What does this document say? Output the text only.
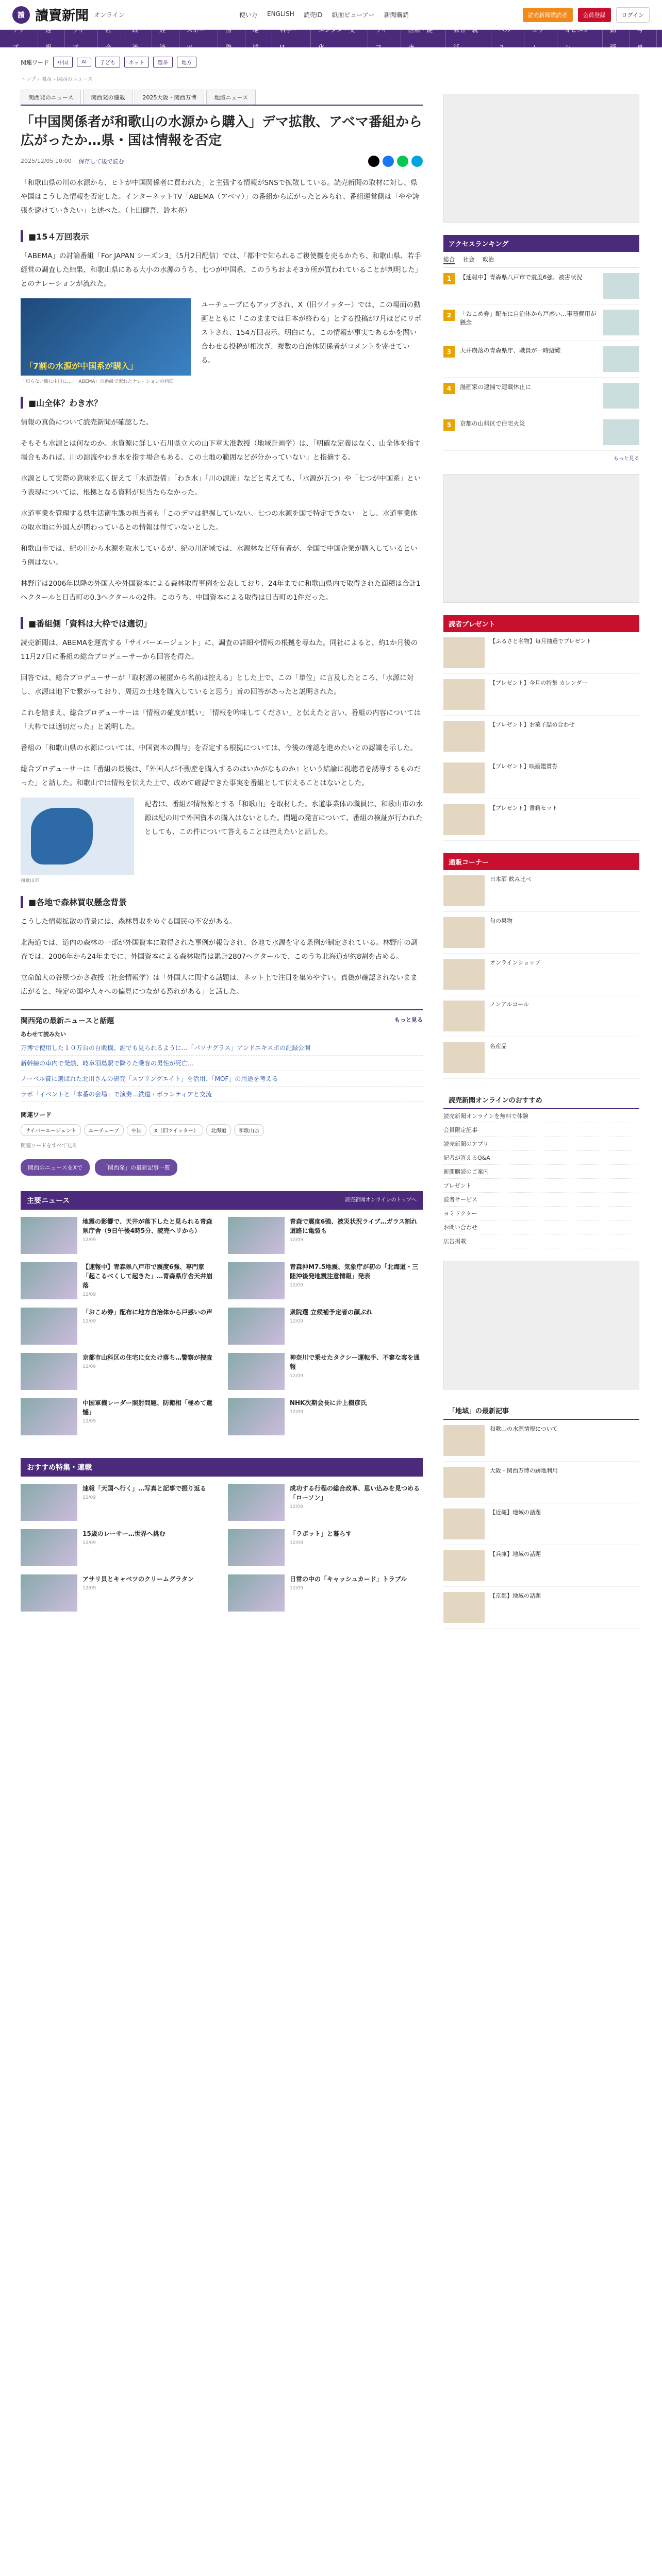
讀 讀賣新聞 オンライン	使い方 ENGLISH 読売ID 紙面ビューアー 新聞購読	読売新聞購読者	会員登録	ログイン
トップ
速報
ライブ
社会
政治
経済
スポーツ
国際
地域
科学・IT
エンタメ・文化
ライフ
医療・健康
教育・就活
ヘルス
コラム
オピニオン
動画
写真
関連ワード	中国	AI	子ども	ネット	選挙	地方
トップ › 関西 › 関西のニュース
関西発のニュース	関西発の連載	2025大阪・関西万博	地域ニュース
「中国関係者が和歌山の水源から購入」デマ拡散、アベマ番組から広がったか…県・国は情報を否定
2025/12/05 10:00 保存して後で読む

「和歌山県の川の水源から、ヒトが中国関係者に買われた」と主張する情報がSNSで拡散している。読売新聞の取材に対し、県や国はこうした情報を否定した。インターネットTV「ABEMA（アベマ）」の番組から広がったとみられ、番組運営側は「やや誇張を避けていきたい」と述べた。（上田健吾、鈴木亮）

■15４万回表示

「ABEMA」の討論番組「For JAPAN シーズン3」（5月2日配信）では、「都中で知られるご複使機を売るかたち、和歌山県、若手経営の調査した結果、和歌山県にある大小の水源のうち、七つが中国系、このうちおよそ3カ所が買われていることが判明した」とのナレーションが流れた。

「7割の水源が中国系が購入」
「知らない間に中国に…」「ABEMA」の番組で流れたナレーションの画面

ユーチューブにもアップされ、X（旧ツイッター）では、この場面の動画とともに「このままでは日本が終わる」とする投稿が7月ほどにリポストされ、154万回表示。明白にも、この情報が事実であるかを問い合わせる投稿が相次ぎ、複数の自治体関係者がコメントを寄せている。

■山全体？わき水？

情報の真偽について読売新聞が確認した。

そもそも水源とは何なのか。水資源に詳しい石川県立大の山下章太准教授（地域計画学）は、「明確な定義はなく、山全体を指す場合もあれば、川の源流やわき水を指す場合もある。この土地の範囲などが分かっていない」と指摘する。

水源として実際の意味を広く捉えて「水道設備」「わき水」「川の源流」などと考えても、「水源が五つ」や「七つが中国系」という表現については、根拠となる資料が見当たらなかった。

水道事業を管理する県生活衛生課の担当者も「このデマは把握していない。七つの水源を国で特定できない」とし、水道事業体の取水地に外国人が関わっているとの情報は得ていないとした。

和歌山市では、紀の川から水源を取水しているが、紀の川流域では、水源林など所有者が、全国で中国企業が購入しているという例はない。

林野庁は2006年以降の外国人や外国資本による森林取得事例を公表しており、24年までに和歌山県内で取得された面積は合計1ヘクタールと日吉町の0.3ヘクタールの2件。このうち、中国資本による取得は日吉町の1件だった。

■番組側「資料は大枠では適切」

読売新聞は、ABEMAを運営する「サイバーエージェント」に、調査の詳細や情報の根拠を尋ねた。同社によると、約1か月後の11月27日に番組の総合プロデューサーから回答を得た。

回答では、総合プロデューサーが「取材源の秘匿から名前は控える」とした上で、この「単位」に言及したところ、「水源に対し、水源は地下で繋がっており、周辺の土地を購入していると思う」旨の回答があったと説明された。

これを踏まえ、総合プロデューサーは「情報の確度が低い」「情報を吟味してください」と伝えたと言い、番組の内容については「大枠では適切だった」と説明した。

番組の「和歌山県の水源については、中国資本の関与」を否定する根拠については、今後の確認を進めたいとの認識を示した。

総合プロデューサーは「番組の最後は、『外国人が不動産を購入するのはいかがなものか』という結論に視聴者を誘導するものだった」と話した。和歌山では情報を伝えた上で、改めて確認できた事実を番組として伝えることはないとした。

和歌山市

記者は、番組が情報源とする「和歌山」を取材した。水道事業体の職員は、和歌山市の水源は紀の川で外国資本の購入はないとした。問題の発言について、番組の検証が行われたとしても、この件について答えることは控えたいと話した。

■各地で森林買収懸念背景

こうした情報拡散の背景には、森林買収をめぐる国民の不安がある。

北海道では、道内の森林の一部が外国資本に取得された事例が報告され、各地で水源を守る条例が制定されている。林野庁の調査では、2006年から24年までに、外国資本による森林取得は累計2807ヘクタールで、このうち北海道が約8割を占める。

立命館大の谷原つかさ教授（社会情報学）は「外国人に関する話題は、ネット上で注目を集めやすい。真偽が確認されないまま広がると、特定の国や人々への偏見につながる恐れがある」と話した。

関西発の最新ニュースと話題	もっと見る
あわせて読みたい
万博で使用した１０万台の自販機、誰でも見られるように…「パソナグラス」アンドエキスポの記録公開
新幹線の車内で発熱、岐阜羽島駅で降りた乗客の男性が死亡…
ノーベル賞に選ばれた北川さんの研究「スプリングエイト」を活用、「MOF」の用途を考える
ラボ「イベントと「本番の会場」で演奏…鉄道・ボランティアと交流
関連ワード
サイバーエージェント	ユーチューブ	中国	X（旧ツイッター）	北海道	和歌山県
関連ワードをすべて見る
関西のニュースをXで	「関西発」の最新記事一覧
主要ニュース	読売新聞オンラインのトップへ
地震の影響で、天井が落下したと見られる青森県庁舎（9日午後4時5分、読売ヘリから）
12/09
青森で震度6強、被災状況ライブ…ガラス割れ道路に亀裂も
12/09
【速報中】青森県八戸市で震度6強、専門家「起こるべくして起きた」…青森県庁舎天井崩落
12/09
青森沖M7.5地震、気象庁が初の「北海道・三陸沖後発地震注意情報」発表
12/09
「おこめ券」配布に地方自治体から戸惑いの声
12/09
衆院選 立候補予定者の顔ぶれ
12/09
京都市山科区の住宅に女たけ落ち…警察が捜査
12/09
神奈川で乗せたタクシー運転手、不審な客を通報
12/09
中国軍機レーダー照射問題、防衛相「極めて遺憾」
12/09
NHK次期会長に井上樹彦氏
12/09
おすすめ特集・連載
速報「天国へ行く」…写真と記事で振り返る
12/09
成功する行程の総合改革、思い込みを見つめる「ローソン」
12/09
15歳のレーサー…世界へ挑む
12/09
「ラボット」と暮らす
12/09
アサリ貝とキャベツのクリームグラタン
12/09
日常の中の「キャッシュカード」トラブル
12/09
アクセスランキング
総合 社会 政治
1	【速報中】青森県八戸市で震度6強、被害状況
2	「おこめ券」配布に自治体から戸惑い…事務費用が懸念
3	天井崩落の青森県庁、職員が一時避難
4	漫画家の逮捕で連載休止に
5	京都の山科区で住宅火災
もっと見る
読者プレゼント
【ふるさと名物】毎月抽選でプレゼント
【プレゼント】今月の特集 カレンダー
【プレゼント】お菓子詰め合わせ
【プレゼント】映画鑑賞券
【プレゼント】書籍セット
通販コーナー
日本酒 飲み比べ
旬の果物
オンラインショップ
ノンアルコール
名産品
読売新聞オンラインのおすすめ
読売新聞オンラインを無料で体験
会員限定記事
読売新聞のアプリ
記者が答えるQ&A
新聞購読のご案内
プレゼント
読者サービス
ヨミドクター
お問い合わせ
広告掲載
「地域」の最新記事
和歌山の水源情報について
大阪・関西万博の跡地利用
【近畿】地域の話題
【兵庫】地域の話題
【京都】地域の話題
